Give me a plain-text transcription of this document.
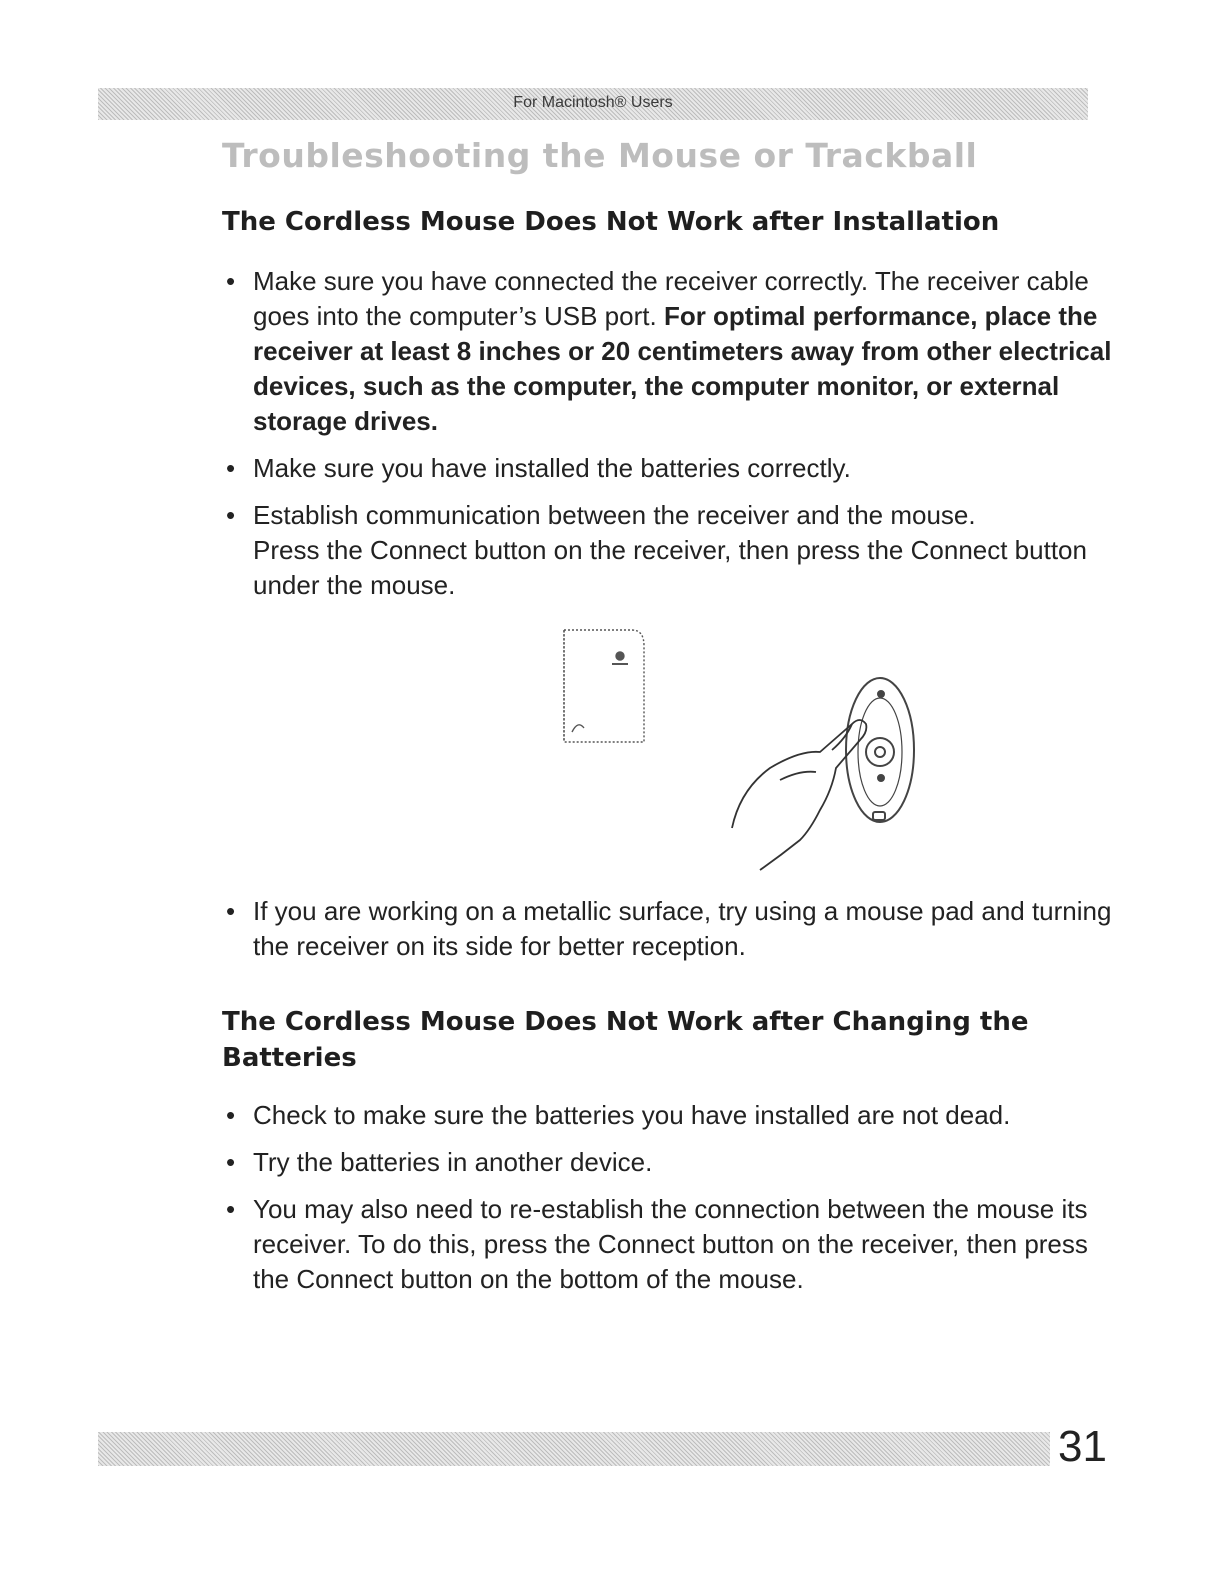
For Macintosh® Users
Troubleshooting the Mouse or Trackball
The Cordless Mouse Does Not Work after Installation
• Make sure you have connected the receiver correctly. The receiver cable goes into the computer’s USB port. For optimal performance, place the receiver at least 8 inches or 20 centimeters away from other electrical devices, such as the computer, the computer monitor, or external storage drives.
• Make sure you have installed the batteries correctly.
• Establish communication between the receiver and the mouse.
Press the Connect button on the receiver, then press the Connect button under the mouse.
• If you are working on a metallic surface, try using a mouse pad and turning the receiver on its side for better reception.
The Cordless Mouse Does Not Work after Changing the Batteries
• Check to make sure the batteries you have installed are not dead.
• Try the batteries in another device.
• You may also need to re-establish the connection between the mouse its receiver. To do this, press the Connect button on the receiver, then press the Connect button on the bottom of the mouse.

31
